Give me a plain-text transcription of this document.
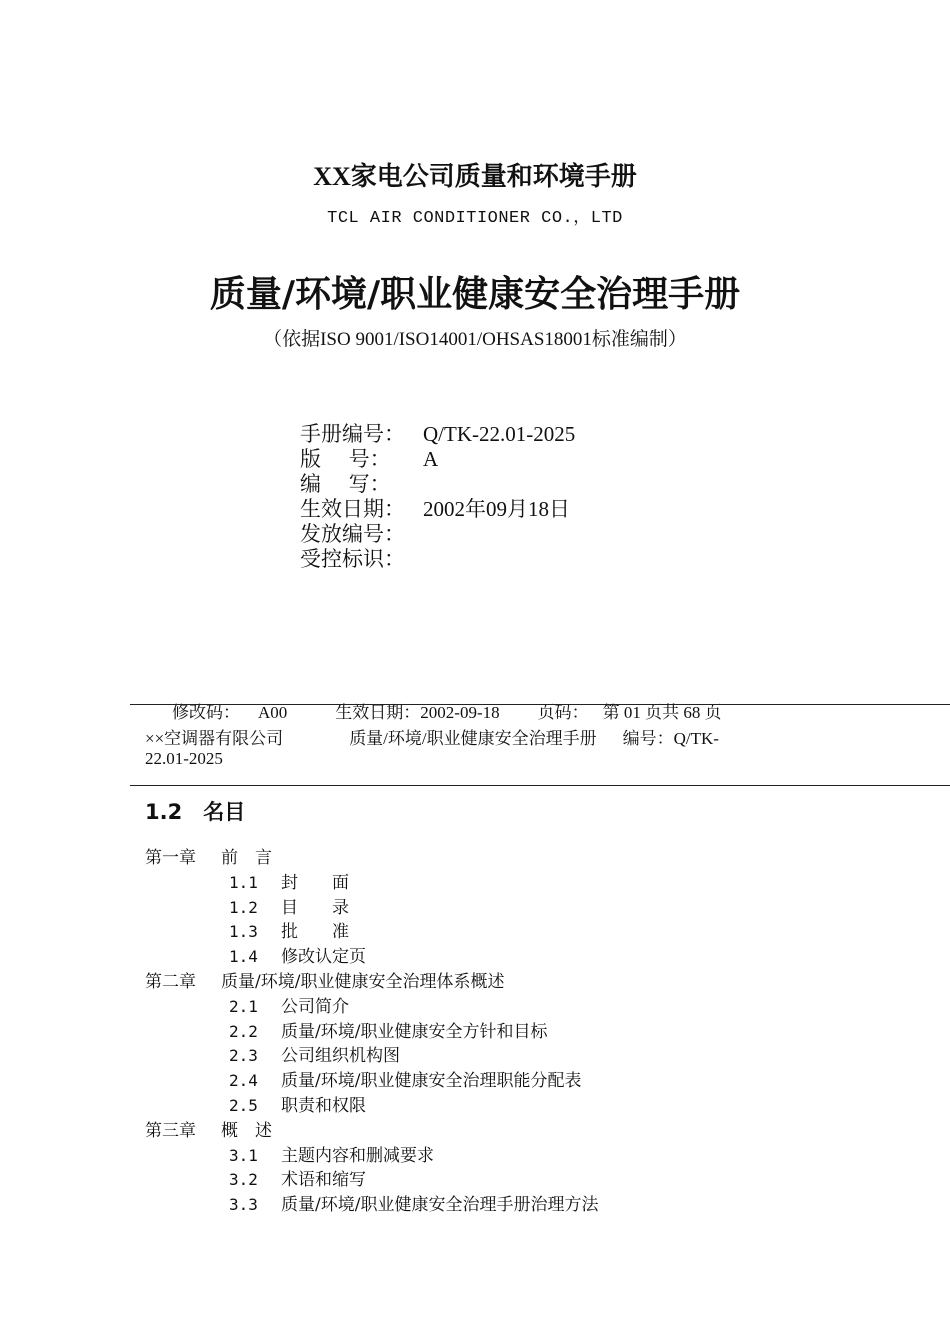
XX家电公司质量和环境手册
TCL AIR CONDITIONER CO.，LTD
质量/环境/职业健康安全治理手册
（依据ISO 9001/ISO14001/OHSAS18001标准编制）
手册编号： Q/TK-22.01-2025
版　 号：	A
编　 写：
生效日期： 2002年09月18日
发放编号：
受控标识：
修改码： A00	生效日期：2002-09-18 页码： 第 01 页共 68 页
××空调器有限公司	质量/环境/职业健康安全治理手册 编号：Q/TK-
22.01-2025
1.2　名目
第一章 前　言
1.1 封　　面
1.2 目　　录
1.3 批　　准
1.4 修改认定页
第二章 质量/环境/职业健康安全治理体系概述
2.1 公司简介
2.2 质量/环境/职业健康安全方针和目标
2.3 公司组织机构图
2.4 质量/环境/职业健康安全治理职能分配表
2.5 职责和权限
第三章 概　述
3.1 主题内容和删减要求
3.2 术语和缩写
3.3 质量/环境/职业健康安全治理手册治理方法
